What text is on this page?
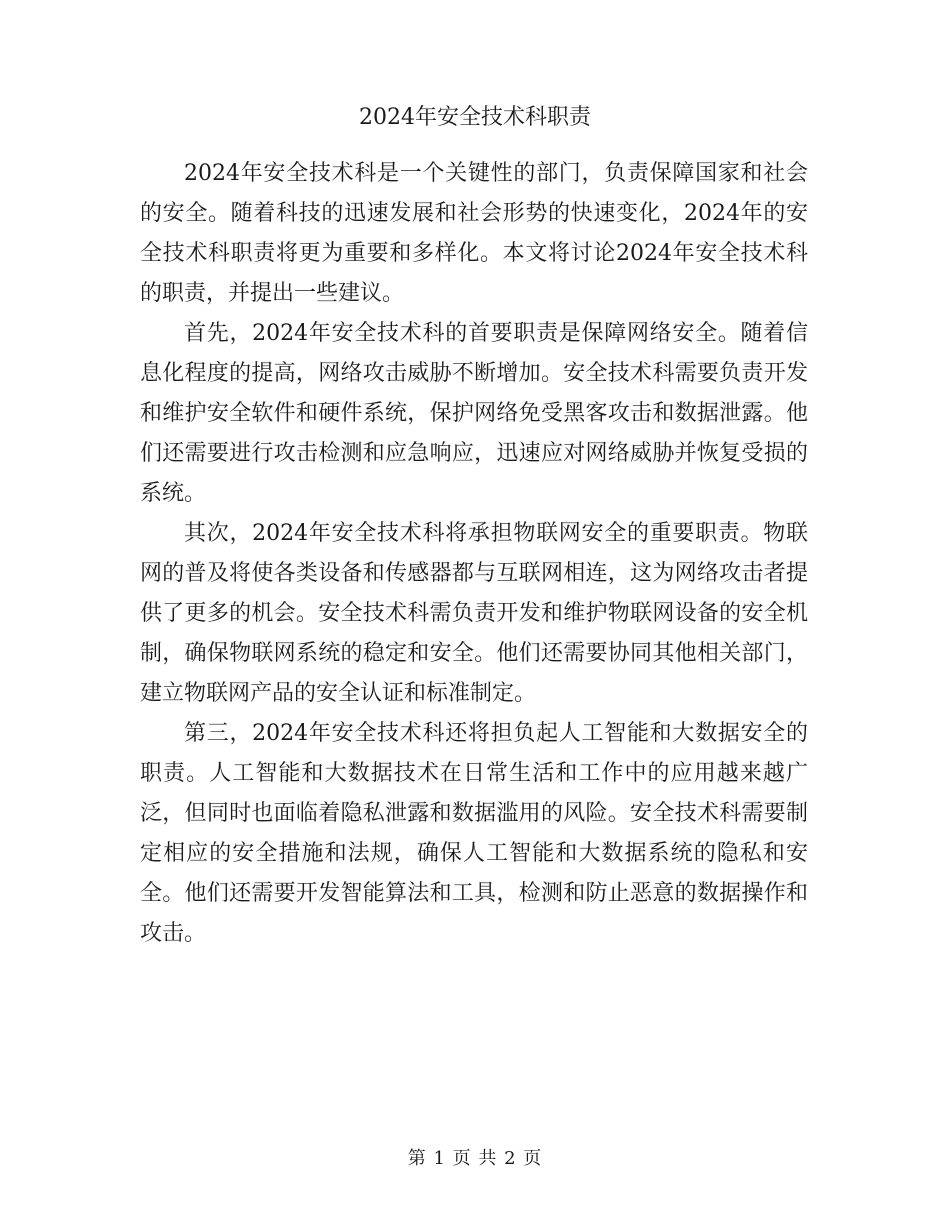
2024年安全技术科职责

2024年安全技术科是一个关键性的部门，负责保障国家和社会的安全。随着科技的迅速发展和社会形势的快速变化，2024年的安全技术科职责将更为重要和多样化。本文将讨论2024年安全技术科的职责，并提出一些建议。

首先，2024年安全技术科的首要职责是保障网络安全。随着信息化程度的提高，网络攻击威胁不断增加。安全技术科需要负责开发和维护安全软件和硬件系统，保护网络免受黑客攻击和数据泄露。他们还需要进行攻击检测和应急响应，迅速应对网络威胁并恢复受损的系统。

其次，2024年安全技术科将承担物联网安全的重要职责。物联网的普及将使各类设备和传感器都与互联网相连，这为网络攻击者提供了更多的机会。安全技术科需负责开发和维护物联网设备的安全机制，确保物联网系统的稳定和安全。他们还需要协同其他相关部门，建立物联网产品的安全认证和标准制定。

第三，2024年安全技术科还将担负起人工智能和大数据安全的职责。人工智能和大数据技术在日常生活和工作中的应用越来越广泛，但同时也面临着隐私泄露和数据滥用的风险。安全技术科需要制定相应的安全措施和法规，确保人工智能和大数据系统的隐私和安全。他们还需要开发智能算法和工具，检测和防止恶意的数据操作和攻击。

第 1 页 共 2 页
